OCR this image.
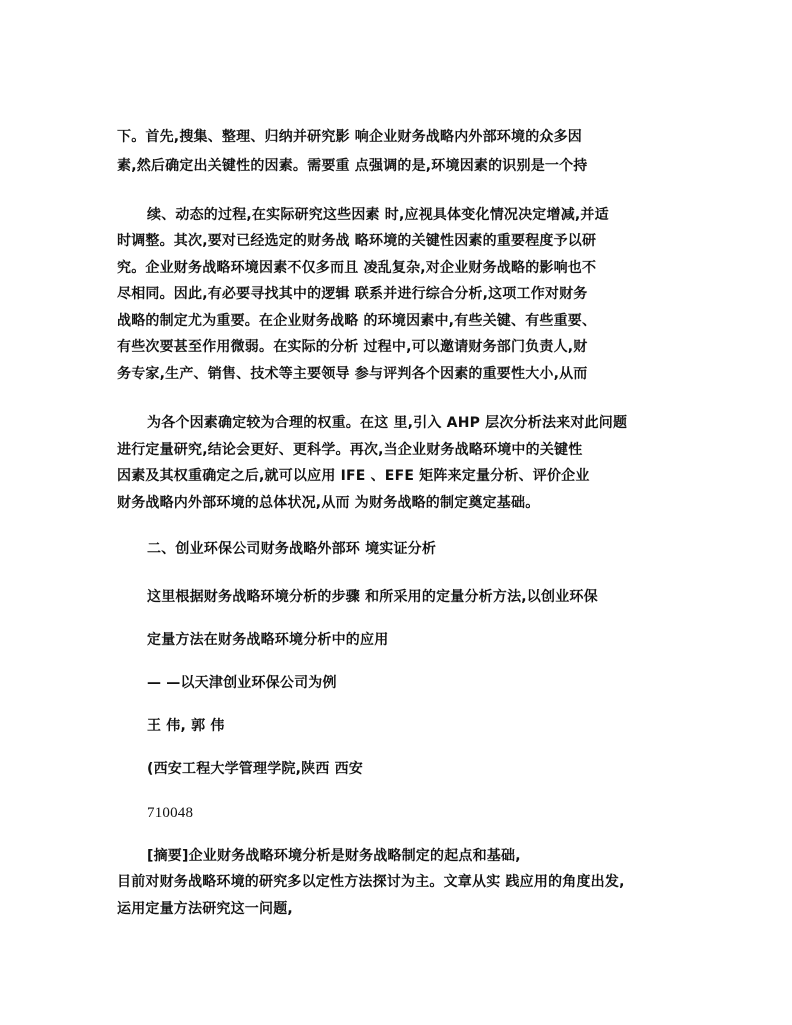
下。首先,搜集、整理、归纳并研究影 响企业财务战略内外部环境的众多因
素,然后确定出关键性的因素。需要重 点强调的是,环境因素的识别是一个持
续、动态的过程,在实际研究这些因素 时,应视具体变化情况决定增减,并适
时调整。其次,要对已经选定的财务战 略环境的关键性因素的重要程度予以研
究。企业财务战略环境因素不仅多而且 凌乱复杂,对企业财务战略的影响也不
尽相同。因此,有必要寻找其中的逻辑 联系并进行综合分析,这项工作对财务
战略的制定尤为重要。在企业财务战略 的环境因素中,有些关键、有些重要、
有些次要甚至作用微弱。在实际的分析 过程中,可以邀请财务部门负责人,财
务专家,生产、销售、技术等主要领导 参与评判各个因素的重要性大小,从而
为各个因素确定较为合理的权重。在这 里,引入 AHP 层次分析法来对此问题
进行定量研究,结论会更好、更科学。再次,当企业财务战略环境中的关键性
因素及其权重确定之后,就可以应用 IFE 、EFE 矩阵来定量分析、评价企业
财务战略内外部环境的总体状况,从而 为财务战略的制定奠定基础。
二、创业环保公司财务战略外部环 境实证分析
这里根据财务战略环境分析的步骤 和所采用的定量分析方法,以创业环保
定量方法在财务战略环境分析中的应用
— —以天津创业环保公司为例
王 伟, 郭 伟
(西安工程大学管理学院,陕西 西安
710048
[摘要]企业财务战略环境分析是财务战略制定的起点和基础,
目前对财务战略环境的研究多以定性方法探讨为主。文章从实 践应用的角度出发,
运用定量方法研究这一问题,
